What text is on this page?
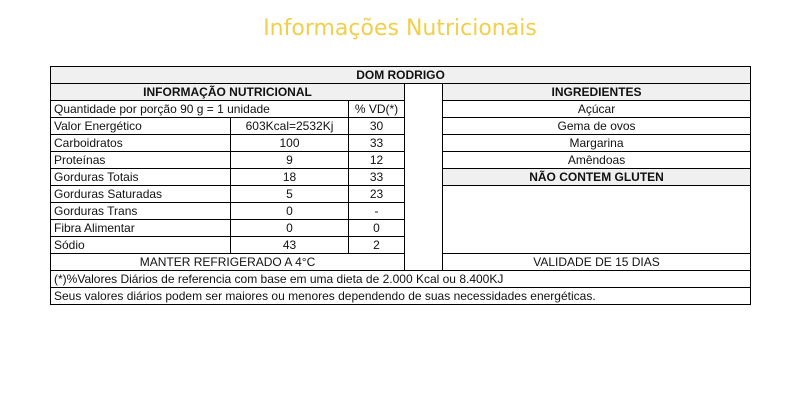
Informações Nutricionais
DOM RODRIGO				
INFORMAÇÃO NUTRICIONAL				INGREDIENTES
Quantidade por porção 90 g = 1 unidade		% VD(*)		Açúcar
Valor Energético	603Kcal=2532Kj	30		Gema de ovos
Carboidratos	100	33		Margarina
Proteínas	9	12		Amêndoas
Gorduras Totais	18	33		NÃO CONTEM GLUTEN
Gorduras Saturadas	5	23		
Gorduras Trans	0	-		
Fibra Alimentar	0	0		
Sódio	43	2		
MANTER REFRIGERADO A 4°C				VALIDADE DE 15 DIAS
(*)%Valores Diários de referencia com base em uma dieta de 2.000 Kcal ou 8.400KJ				
Seus valores diários podem ser maiores ou menores dependendo de suas necessidades energéticas.				
